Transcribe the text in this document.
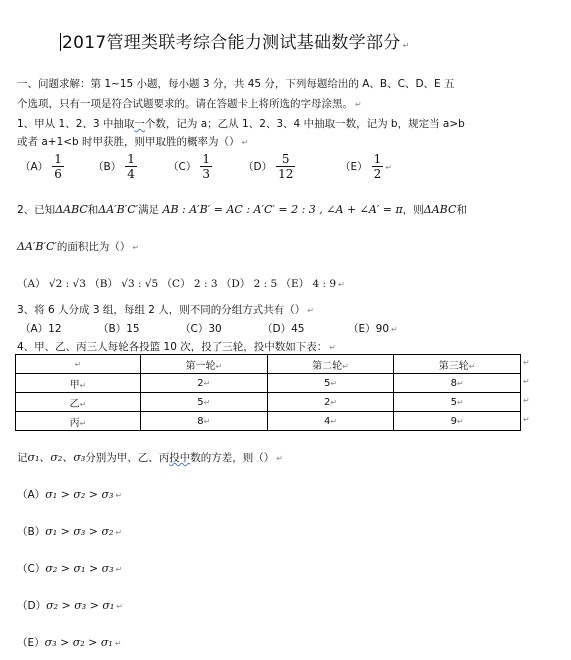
2017管理类联考综合能力测试基础数学部分 ↵
一、问题求解：第 1~15 小题，每小题 3 分，共 45 分，下列每题给出的 A、B、C、D、E 五
个选项，只有一项是符合试题要求的。请在答题卡上将所选的字母涂黑。 ↵
1、甲从 1、2、3 中抽取一个数，记为 a；乙从 1、2、3、4 中抽取一数，记为 b，规定当 a>b
或者 a+1<b 时甲获胜，则甲取胜的概率为（） ↵
$(A) \frac{1}{6}$	$(B) \frac{1}{4}$	$(C) \frac{1}{3}$	$(D) \frac{5}{12}$	$(E) \frac{1}{2}$ ↵
2、已知ΔABC和ΔA′B′C′满足 AB : A′B′ = AC : A′C′ = 2 : 3 , ∠A + ∠A′ = π，则ΔABC和
ΔA′B′C′的面积比为（） ↵
（A） √2 : √3 （B） √3 : √5 （C） 2 : 3 （D） 2 : 5 （E） 4 : 9 ↵
3、将 6 人分成 3 组，每组 2 人，则不同的分组方式共有（） ↵
（A）12	（B）15	（C）30	（D）45	（E）90 ↵
4、甲、乙、丙三人每轮各投篮 10 次，投了三轮，投中数如下表： ↵
↵	第一轮↵	第二轮↵	第三轮↵
甲↵	2↵	5↵	8↵
乙↵	5↵	2↵	5↵
丙↵	8↵	4↵	9↵
↵
↵
↵
↵
记σ₁、σ₂、σ₃分别为甲、乙、丙投中数的方差，则（） ↵
（A）σ₁ > σ₂ > σ₃ ↵
（B）σ₁ > σ₃ > σ₂ ↵
（C）σ₂ > σ₁ > σ₃ ↵
（D）σ₂ > σ₃ > σ₁ ↵
（E）σ₃ > σ₂ > σ₁ ↵
